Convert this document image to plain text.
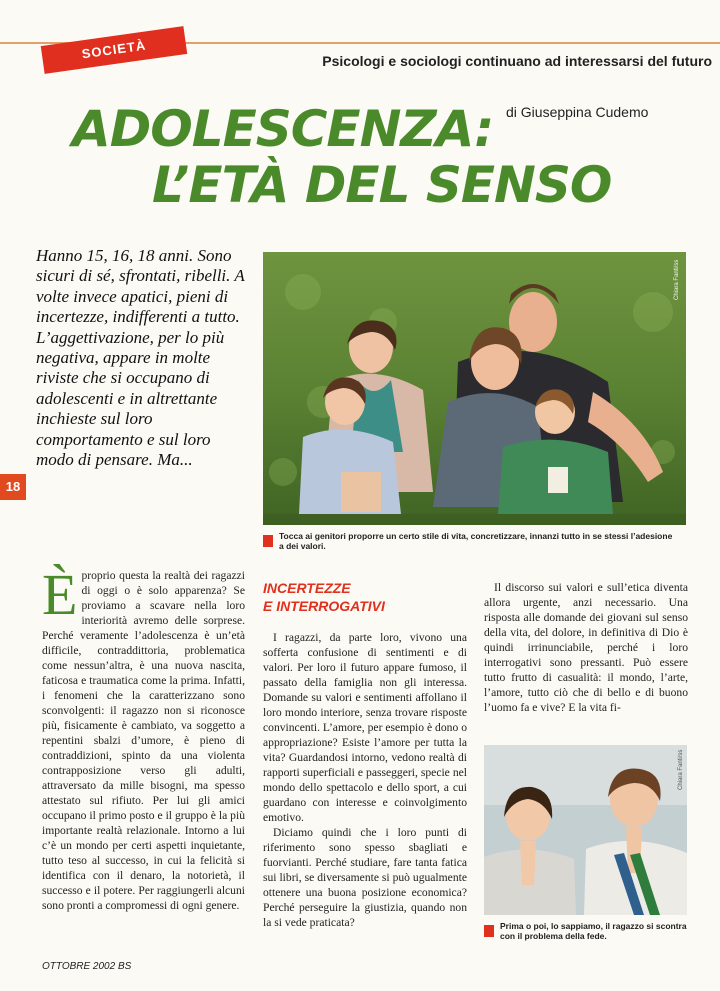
SOCIETÀ	Psicologi e sociologi continuano ad interessarsi del futuro
ADOLESCENZA:
L’ETÀ DEL SENSO
di Giuseppina Cudemo
Hanno 15, 16, 18 anni. Sono sicuri di sé, sfrontati, ribelli. A volte invece apatici, pieni di incertezze, indifferenti a tutto. L’aggettivazione, per lo più negativa, appare in molte riviste che si occupano di adolescenti e in altrettante inchieste sul loro comportamento e sul loro modo di pensare. Ma...
18
Chiara Fanti/ss
Tocca ai genitori proporre un certo stile di vita, concretizzare, innanzi tutto in se stessi l’adesione a dei valori.
Èproprio questa la realtà dei ragazzi di oggi o è solo apparenza? Se proviamo a scavare nella loro interiorità avremo delle sorprese. Perché veramente l’adolescenza è un’età difficile, contraddittoria, problematica come nessun’altra, è una nuova nascita, faticosa e traumatica come la prima. Infatti, i fenomeni che la caratterizzano sono sconvolgenti: il ragazzo non si riconosce più, fisicamente è cambiato, va soggetto a repentini sbalzi d’umore, è pieno di contraddizioni, spinto da una violenta contrapposizione verso gli adulti, attraversato da mille bisogni, ma spesso attestato sul rifiuto. Per lui gli amici occupano il primo posto e il gruppo è la più importante realtà relazionale. Intorno a lui c’è un mondo per certi aspetti inquietante, tutto teso al successo, in cui la felicità si identifica con il denaro, la notorietà, il successo e il potere. Per raggiungerli alcuni sono pronti a compromessi di ogni genere.
INCERTEZZE
E INTERROGATIVI

I ragazzi, da parte loro, vivono una sofferta confusione di sentimenti e di valori. Per loro il futuro appare fumoso, il passato della famiglia non gli interessa. Domande su valori e sentimenti affollano il loro mondo interiore, senza trovare risposte convincenti. L’amore, per esempio è dono o appropriazione? Esiste l’amore per tutta la vita? Guardandosi intorno, vedono realtà di rapporti superficiali e passeggeri, specie nel mondo dello spettacolo e dello sport, a cui guardano con interesse e coinvolgimento emotivo.

Diciamo quindi che i loro punti di riferimento sono spesso sbagliati e fuorvianti. Perché studiare, fare tanta fatica sui libri, se diversamente si può ugualmente ottenere una buona posizione economica? Perché perseguire la giustizia, quando non la si vede praticata?

Il discorso sui valori e sull’etica diventa allora urgente, anzi necessario. Una risposta alle domande dei giovani sul senso della vita, del dolore, in definitiva di Dio è quindi irrinunciabile, perché i loro interrogativi sono pressanti. Può essere tutto frutto di casualità: il mondo, l’arte, l’amore, tutto ciò che di bello e di buono l’uomo fa e vive? E la vita fi-

Chiara Fanti/ss
Prima o poi, lo sappiamo, il ragazzo si scontra con il problema della fede.
OTTOBRE 2002 BS
